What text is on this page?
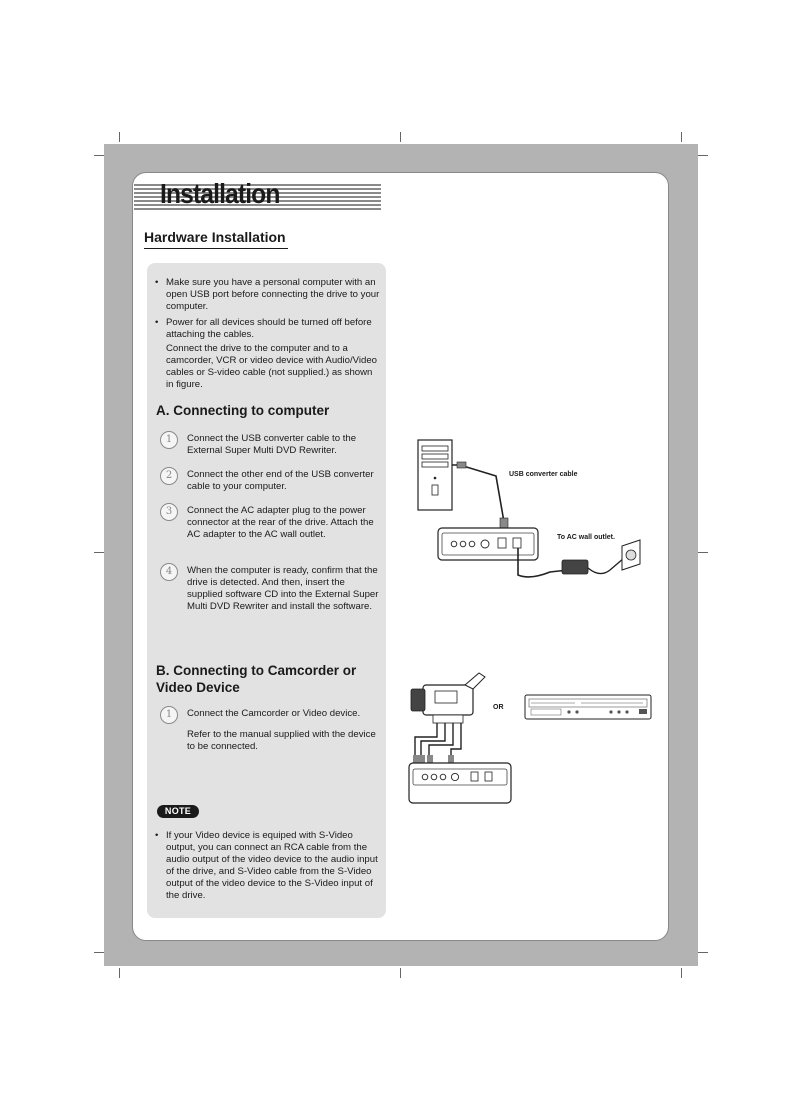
Installation
Hardware Installation
• Make sure you have a personal computer with an open USB port before connecting the drive to your computer.
• Power for all devices should be turned off before attaching the cables.

Connect the drive to the computer and to a camcorder, VCR or video device with Audio/Video cables or S-video cable (not supplied.) as shown in figure.

A. Connecting to computer
1	Connect the USB converter cable to the External Super Multi DVD Rewriter.

2	Connect the other end of the USB converter cable to your computer.

3	Connect the AC adapter plug to the power connector at the rear of the drive. Attach the AC adapter to the AC wall outlet.

4	When the computer is ready, confirm that the drive is detected. And then, insert the supplied software CD into the External Super Multi DVD Rewriter and install the software.

B. Connecting to Camcorder or Video Device
1	Connect the Camcorder or Video device.

Refer to the manual supplied with the device to be connected.

NOTE
• If your Video device is equiped with S-Video output, you can connect an RCA cable from the audio output of the video device to the audio input of the drive, and S-Video cable from the S-Video output of the video device to the S-Video input of the drive.
USB converter cable
To AC wall outlet.
OR
